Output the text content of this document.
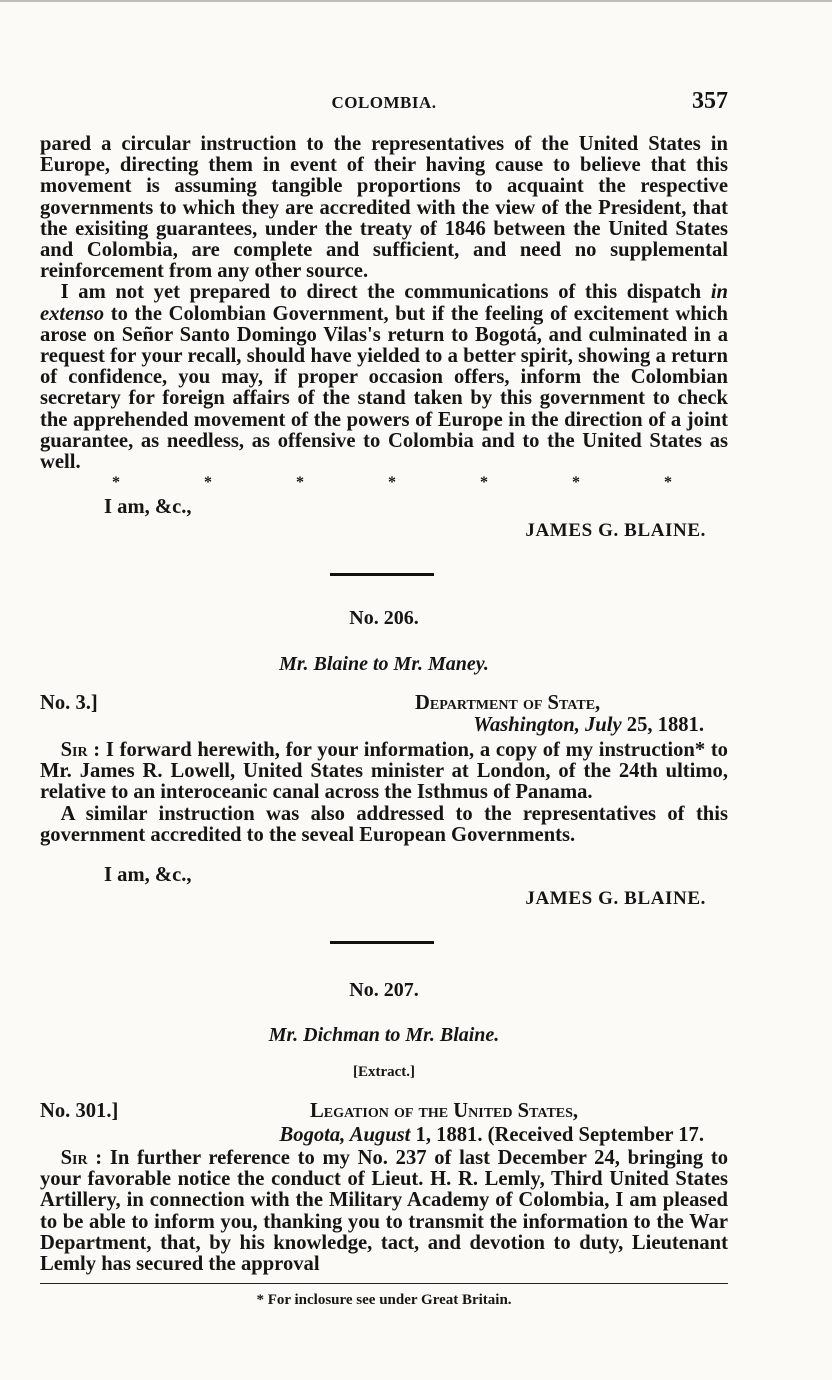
COLOMBIA.	357

pared a circular instruction to the representatives of the United States in Europe, directing them in event of their having cause to believe that this movement is assuming tangible proportions to acquaint the respective governments to which they are accredited with the view of the President, that the exisiting guarantees, under the treaty of 1846 between the United States and Colombia, are complete and sufficient, and need no supplemental reinforcement from any other source.

I am not yet prepared to direct the communications of this dispatch in extenso to the Colombian Government, but if the feeling of excitement which arose on Señor Santo Domingo Vilas's return to Bogotá, and culminated in a request for your recall, should have yielded to a better spirit, showing a return of confidence, you may, if proper occasion offers, inform the Colombian secretary for foreign affairs of the stand taken by this government to check the apprehended movement of the powers of Europe in the direction of a joint guarantee, as needless, as offensive to Colombia and to the United States as well.

*	*	*	*	*	*	*
I am, &c.,
JAMES G. BLAINE.
No. 206.
Mr. Blaine to Mr. Maney.
No. 3.]	Department of State,
Washington, July 25, 1881.

Sir : I forward herewith, for your information, a copy of my instruction* to Mr. James R. Lowell, United States minister at London, of the 24th ultimo, relative to an interoceanic canal across the Isthmus of Panama.

A similar instruction was also addressed to the representatives of this government accredited to the seveal European Governments.

I am, &c.,
JAMES G. BLAINE.
No. 207.
Mr. Dichman to Mr. Blaine.
[Extract.]
No. 301.]	Legation of the United States,
Bogota, August 1, 1881. (Received September 17.

Sir : In further reference to my No. 237 of last December 24, bringing to your favorable notice the conduct of Lieut. H. R. Lemly, Third United States Artillery, in connection with the Military Academy of Colombia, I am pleased to be able to inform you, thanking you to transmit the information to the War Department, that, by his knowledge, tact, and devotion to duty, Lieutenant Lemly has secured the approval

* For inclosure see under Great Britain.
